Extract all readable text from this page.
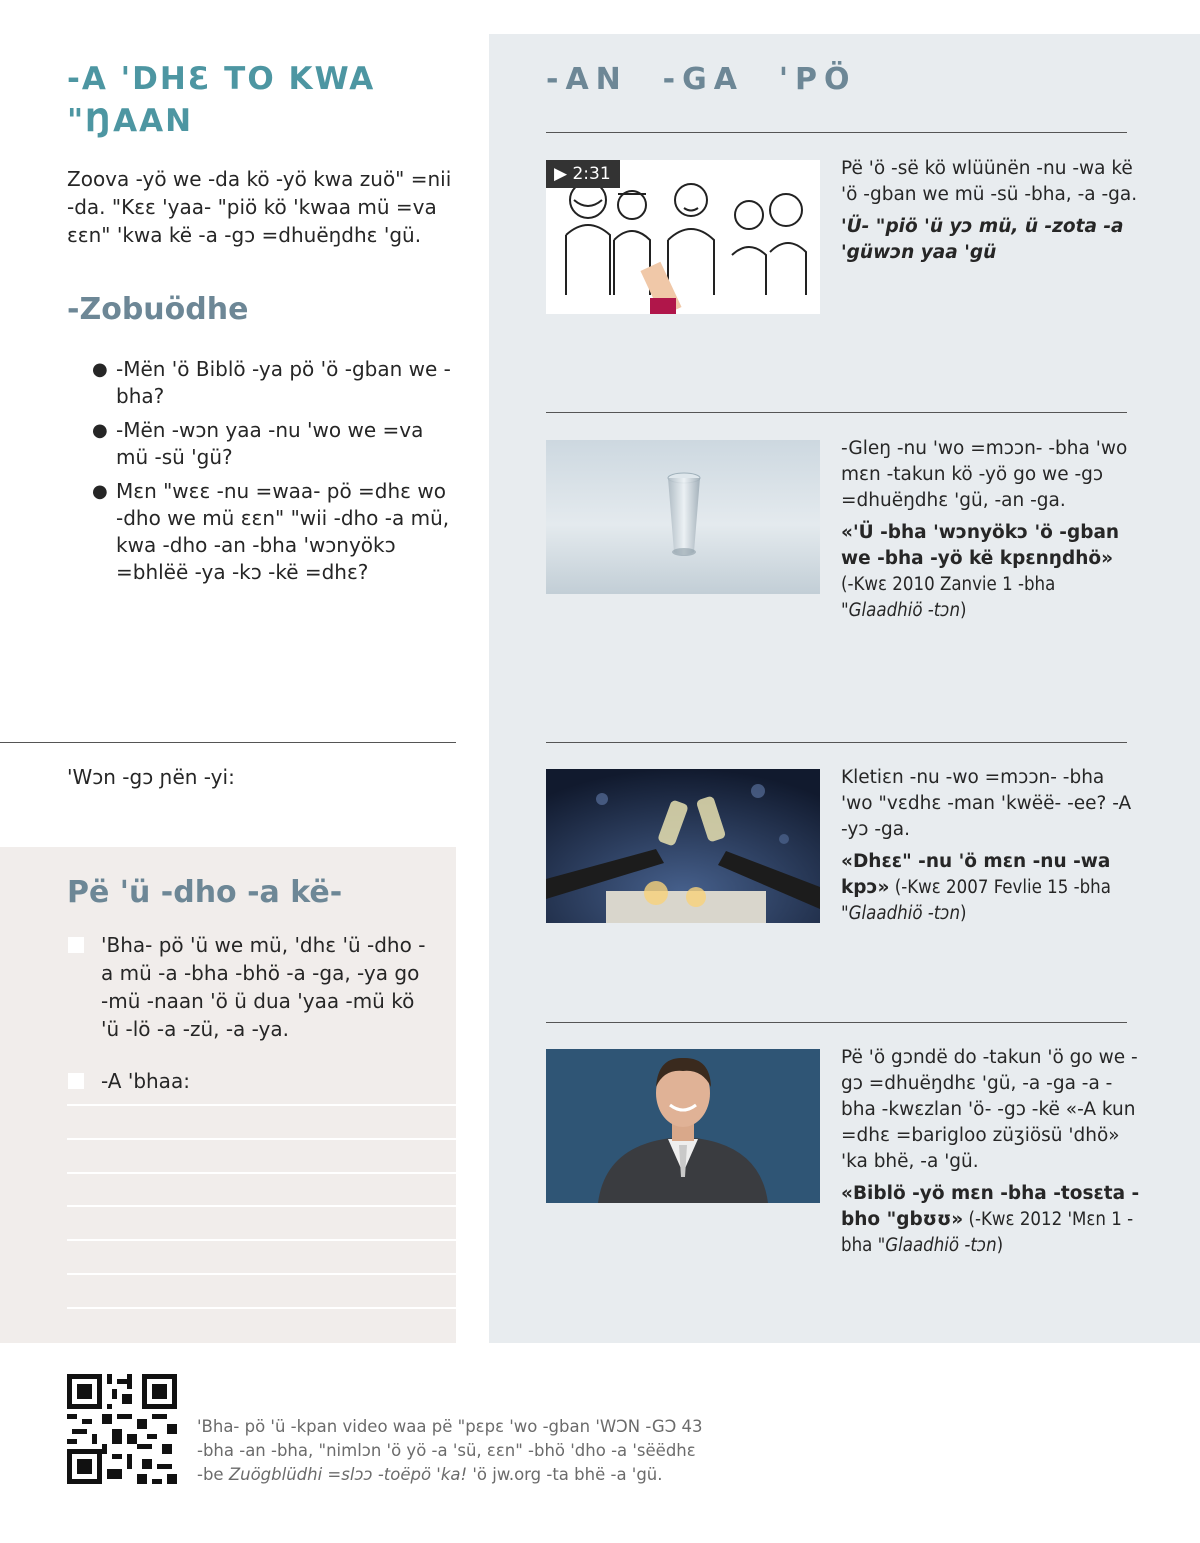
-A 'DHƐ TO KWA "ŊAAN

Zoova -yö we -da kö -yö kwa zuö" =nii -da. "Kɛɛ 'yaa- "piö kö 'kwaa mü =va ɛɛn" 'kwa kë -a -gɔ =dhuëŋdhɛ 'gü.

-Zobuödhe
● -Mën 'ö Biblö -ya pö 'ö -gban we -bha?
● -Mën -wɔn yaa -nu 'wo we =va mü -sü 'gü?
● Mɛn "wɛɛ -nu =waa- pö =dhɛ wo -dho we mü ɛɛn" "wii -dho -a mü, kwa -dho -an -bha 'wɔnyökɔ =bhlëë -ya -kɔ -kë =dhɛ?

'Wɔn -gɔ ɲën -yi:

Pë 'ü -dho -a kë-

'Bha- pö 'ü we mü, 'dhɛ 'ü -dho -a mü -a -bha -bhö -a -ga, -ya go -mü -naan 'ö ü dua 'yaa -mü kö 'ü -lö -a -zü, -a -ya.

-A 'bhaa:

-AN  -GA  'PÖ
▶ 2:31	Pë 'ö -së kö wlüünën -nu -wa kë 'ö -gban we mü -sü -bha, -a -ga.

'Ü- "piö 'ü yɔ mü, ü -zota -a 'güwɔn yaa 'gü

-Gleŋ -nu 'wo =mɔɔn- -bha 'wo mɛn -takun kö -yö go we -gɔ =dhuëŋdhɛ 'gü, -an -ga.

«'Ü -bha 'wɔnyökɔ 'ö -gban we -bha -yö kë kpɛnŋdhö»
(-Kwɛ 2010 Zanvie 1 -bha "Glaadhiö -tɔn)

Kletiɛn -nu -wo =mɔɔn- -bha 'wo "vɛdhɛ -man 'kwëë- -ee? -A -yɔ -ga.

«Dhɛɛ" -nu 'ö mɛn -nu -wa kpɔ» (-Kwɛ 2007 Fevlie 15 -bha "Glaadhiö -tɔn)

Pë 'ö gɔndë do -takun 'ö go we -gɔ =dhuëŋdhɛ 'gü, -a -ga -a -bha -kwɛzlan 'ö- -gɔ -kë «-A kun =dhɛ =barigloo züʒiösü 'dhö» 'ka bhë, -a 'gü.

«Biblö -yö mɛn -bha -tosɛta -bho "gbʊʊ» (-Kwɛ 2012 'Mɛn 1 -bha "Glaadhiö -tɔn)

'Bha- pö 'ü -kpan video waa pë "pɛpɛ 'wo -gban 'WƆN -GƆ 43
-bha -an -bha, "nimlɔn 'ö yö -a 'sü, ɛɛn" -bhö 'dho -a 'sëëdhɛ
-be Zuögblüdhi =slɔɔ -toëpö 'ka! 'ö jw.org -ta bhë -a 'gü.
